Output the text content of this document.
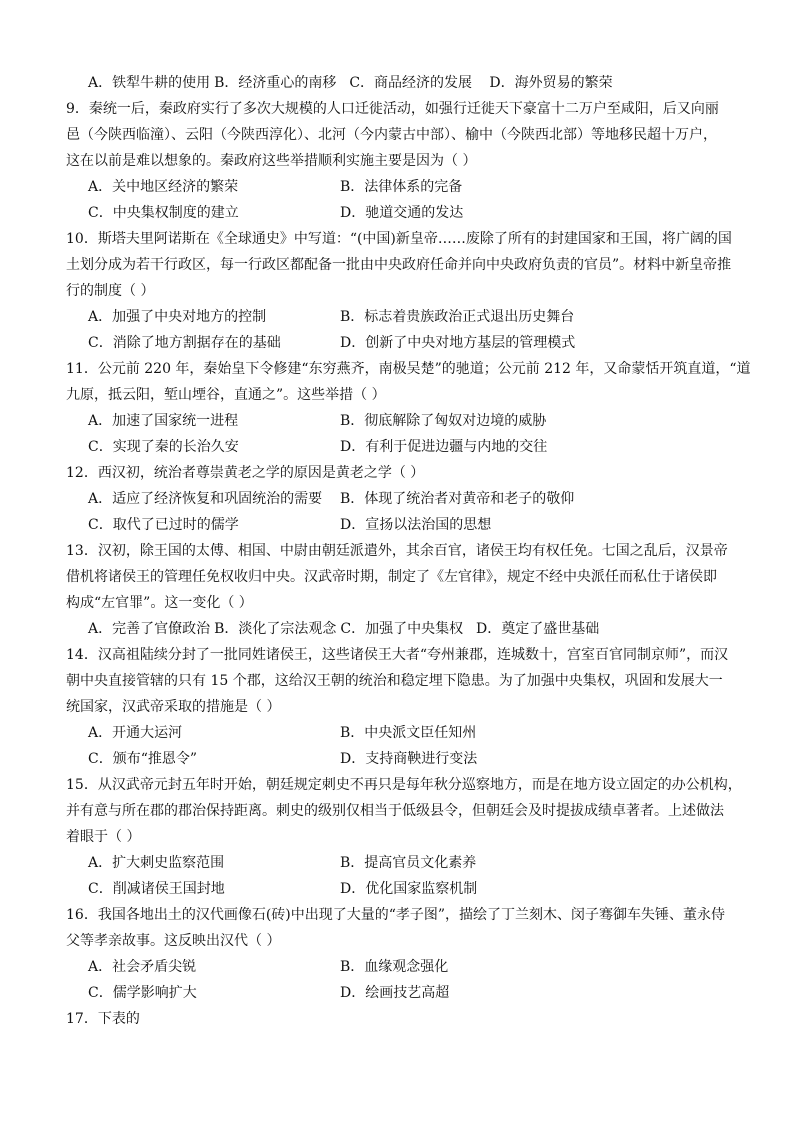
A．铁犁牛耕的使用 B．经济重心的南移 C．商品经济的发展 D．海外贸易的繁荣
9．秦统一后，秦政府实行了多次大规模的人口迁徙活动，如强行迁徙天下豪富十二万户至咸阳，后又向丽
邑（今陕西临潼）、云阳（今陕西淳化）、北河（今内蒙古中部）、榆中（今陕西北部）等地移民超十万户，
这在以前是难以想象的。秦政府这些举措顺利实施主要是因为（ ）
A．关中地区经济的繁荣	B．法律体系的完备
C．中央集权制度的建立	D．驰道交通的发达
10．斯塔夫里阿诺斯在《全球通史》中写道：“(中国)新皇帝……废除了所有的封建国家和王国，将广阔的国
土划分成为若干行政区，每一行政区都配备一批由中央政府任命并向中央政府负责的官员”。材料中新皇帝推
行的制度（ ）
A．加强了中央对地方的控制	B．标志着贵族政治正式退出历史舞台
C．消除了地方割据存在的基础	D．创新了中央对地方基层的管理模式
11．公元前 220 年，秦始皇下令修建“东穷燕齐，南极吴楚”的驰道；公元前 212 年，又命蒙恬开筑直道，“道
九原，抵云阳，堑山堙谷，直通之”。这些举措（ ）
A．加速了国家统一进程	B．彻底解除了匈奴对边境的威胁
C．实现了秦的长治久安	D．有利于促进边疆与内地的交往
12．西汉初，统治者尊崇黄老之学的原因是黄老之学（ ）
A．适应了经济恢复和巩固统治的需要	B．体现了统治者对黄帝和老子的敬仰
C．取代了已过时的儒学	D．宣扬以法治国的思想
13．汉初，除王国的太傅、相国、中尉由朝廷派遣外，其余百官，诸侯王均有权任免。七国之乱后，汉景帝
借机将诸侯王的管理任免权收归中央。汉武帝时期，制定了《左官律》，规定不经中央派任而私仕于诸侯即
构成“左官罪”。这一变化（ ）
A．完善了官僚政治 B．淡化了宗法观念 C．加强了中央集权 D．奠定了盛世基础
14．汉高祖陆续分封了一批同姓诸侯王，这些诸侯王大者“夸州兼郡，连城数十，宫室百官同制京师”，而汉
朝中央直接管辖的只有 15 个郡，这给汉王朝的统治和稳定埋下隐患。为了加强中央集权，巩固和发展大一
统国家，汉武帝采取的措施是（ ）
A．开通大运河	B．中央派文臣任知州
C．颁布“推恩令”	D．支持商鞅进行变法
15．从汉武帝元封五年时开始，朝廷规定刺史不再只是每年秋分巡察地方，而是在地方设立固定的办公机构，
并有意与所在郡的郡治保持距离。刺史的级别仅相当于低级县令，但朝廷会及时提拔成绩卓著者。上述做法
着眼于（ ）
A．扩大刺史监察范围	B．提高官员文化素养
C．削减诸侯王国封地	D．优化国家监察机制
16．我国各地出土的汉代画像石(砖)中出现了大量的“孝子图”，描绘了丁兰刻木、闵子骞御车失锤、董永侍
父等孝亲故事。这反映出汉代（ ）
A．社会矛盾尖锐	B．血缘观念强化
C．儒学影响扩大	D．绘画技艺高超
17．下表的
